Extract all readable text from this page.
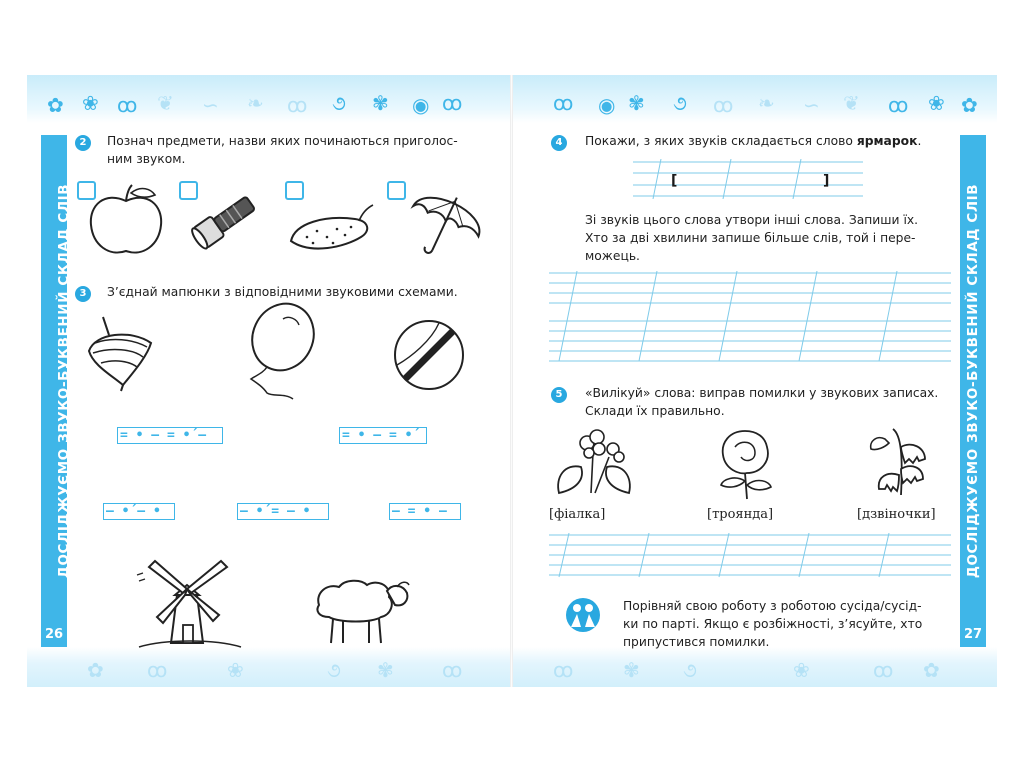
✿ ❀ ꝏ ❦ ∽ ❧ ꝏ ૭ ✾ ◉ ꝏ
ДОСЛІДЖУЄМО ЗВУКО-БУКВЕНИЙ СКЛАД СЛІВ
26
✿ ꝏ	❀	૭ ✾ ꝏ
2	Познач предмети, назви яких починаються приголос-
ним звуком.
3	З’єднай мапюнки з відповідними звуковими схемами.
= • — = •́ —	= • — = •́
— •́ — •	— •́ = — •	— = • —
ꝏ ◉ ✾ ૭ ꝏ ❧ ∽ ❦ ꝏ ❀ ✿
ДОСЛІДЖУЄМО ЗВУКО-БУКВЕНИЙ СКЛАД СЛІВ
27
ꝏ ✾ ૭	❀	ꝏ ✿
4	Покажи, з яких звуків складається слово ярмарок.
[	]
Зі звуків цього слова утвори інші слова. Запиши їх.
Хто за дві хвилини запише більше слів, той і пере-
можець.
5	«Вилікуй» слова: виправ помилки у звукових записах.
Склади їх правильно.
[фіалка]	[троянда]	[дзвіночки]
Порівняй свою роботу з роботою сусіда/сусід-
ки по парті. Якщо є розбіжності, з’ясуйте, хто
припустився помилки.
